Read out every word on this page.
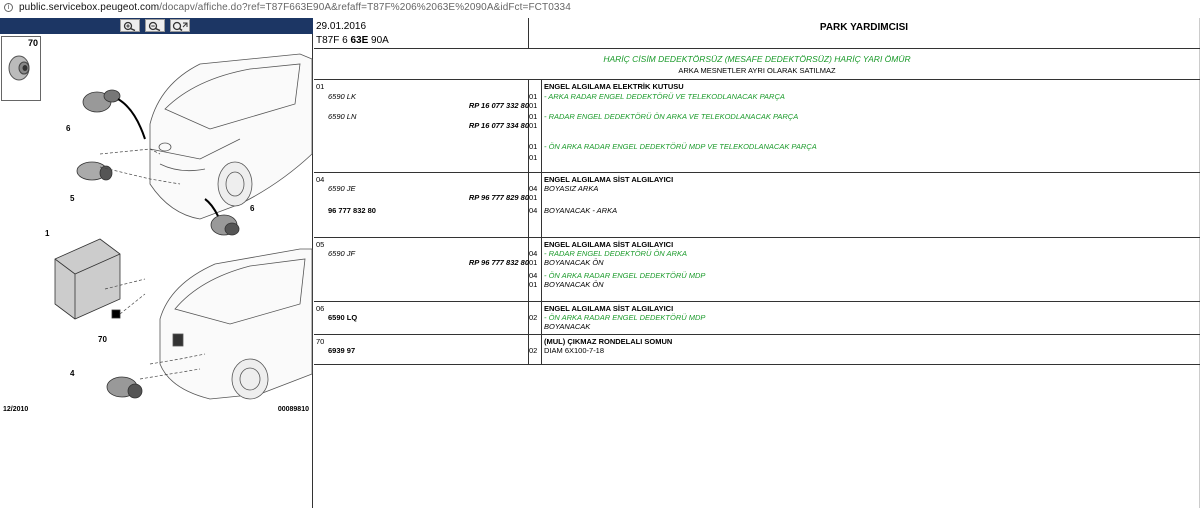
i public.servicebox.peugeot.com/docapv/affiche.do?ref=T87F663E90A&refaff=T87F%206%2063E%2090A&idFct=FCT0334
70
6
5
6
1
70
4
12/2010	00089810
29.01.2016
T87F 6 63E 90A
PARK YARDIMCISI
HARİÇ CİSİM DEDEKTÖRSÜZ (MESAFE DEDEKTÖRSÜZ) HARİÇ YARI ÖMÜR
ARKA MESNETLER AYRI OLARAK SATILMAZ
01	ENGEL ALGILAMA ELEKTRİK KUTUSU
6590 LK	01 - ARKA RADAR ENGEL DEDEKTÖRÜ VE TELEKODLANACAK PARÇA
RP 16 077 332 80 01
6590 LN	01 - RADAR ENGEL DEDEKTÖRÜ ÖN ARKA VE TELEKODLANACAK PARÇA
RP 16 077 334 80 01
01 - ÖN ARKA RADAR ENGEL DEDEKTÖRÜ MDP VE TELEKODLANACAK PARÇA
01
04	ENGEL ALGILAMA SİST ALGILAYICI
6590 JE	04 BOYASIZ ARKA
RP 96 777 829 80 01
96 777 832 80	04 BOYANACAK - ARKA
05	ENGEL ALGILAMA SİST ALGILAYICI
6590 JF	04 - RADAR ENGEL DEDEKTÖRÜ ÖN ARKA
RP 96 777 832 80 01 BOYANACAK ÖN
04 - ÖN ARKA RADAR ENGEL DEDEKTÖRÜ MDP
01 BOYANACAK ÖN
06	ENGEL ALGILAMA SİST ALGILAYICI
6590 LQ	02 - ÖN ARKA RADAR ENGEL DEDEKTÖRÜ MDP
BOYANACAK
70	(MUL) ÇIKMAZ RONDELALI SOMUN
6939 97	02 DIAM 6X100-7-18
